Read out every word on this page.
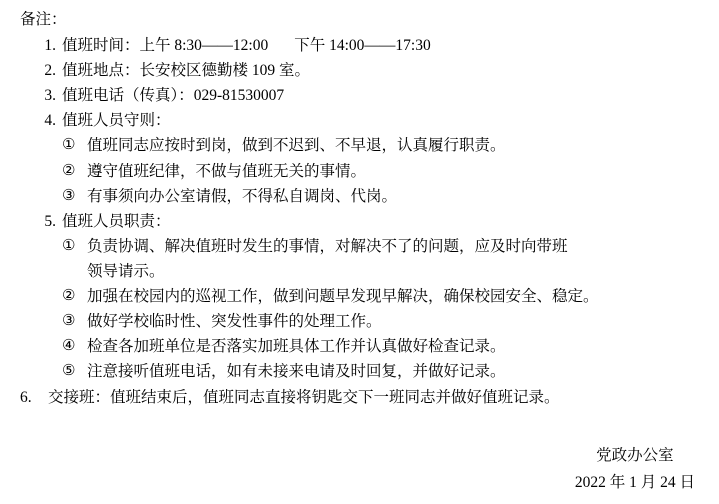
备注：
1. 值班时间：上午 8:30——12:00 下午 14:00——17:30
2. 值班地点：长安校区德勤楼 109 室。
3. 值班电话（传真）：029-81530007
4. 值班人员守则：
① 值班同志应按时到岗，做到不迟到、不早退，认真履行职责。
② 遵守值班纪律，不做与值班无关的事情。
③ 有事须向办公室请假，不得私自调岗、代岗。
5. 值班人员职责：
① 负责协调、解决值班时发生的事情，对解决不了的问题，应及时向带班
领导请示。
② 加强在校园内的巡视工作，做到问题早发现早解决，确保校园安全、稳定。
③ 做好学校临时性、突发性事件的处理工作。
④ 检查各加班单位是否落实加班具体工作并认真做好检查记录。
⑤ 注意接听值班电话，如有未接来电请及时回复，并做好记录。
6.	交接班：值班结束后，值班同志直接将钥匙交下一班同志并做好值班记录。
党政办公室
2022 年 1 月 24 日
